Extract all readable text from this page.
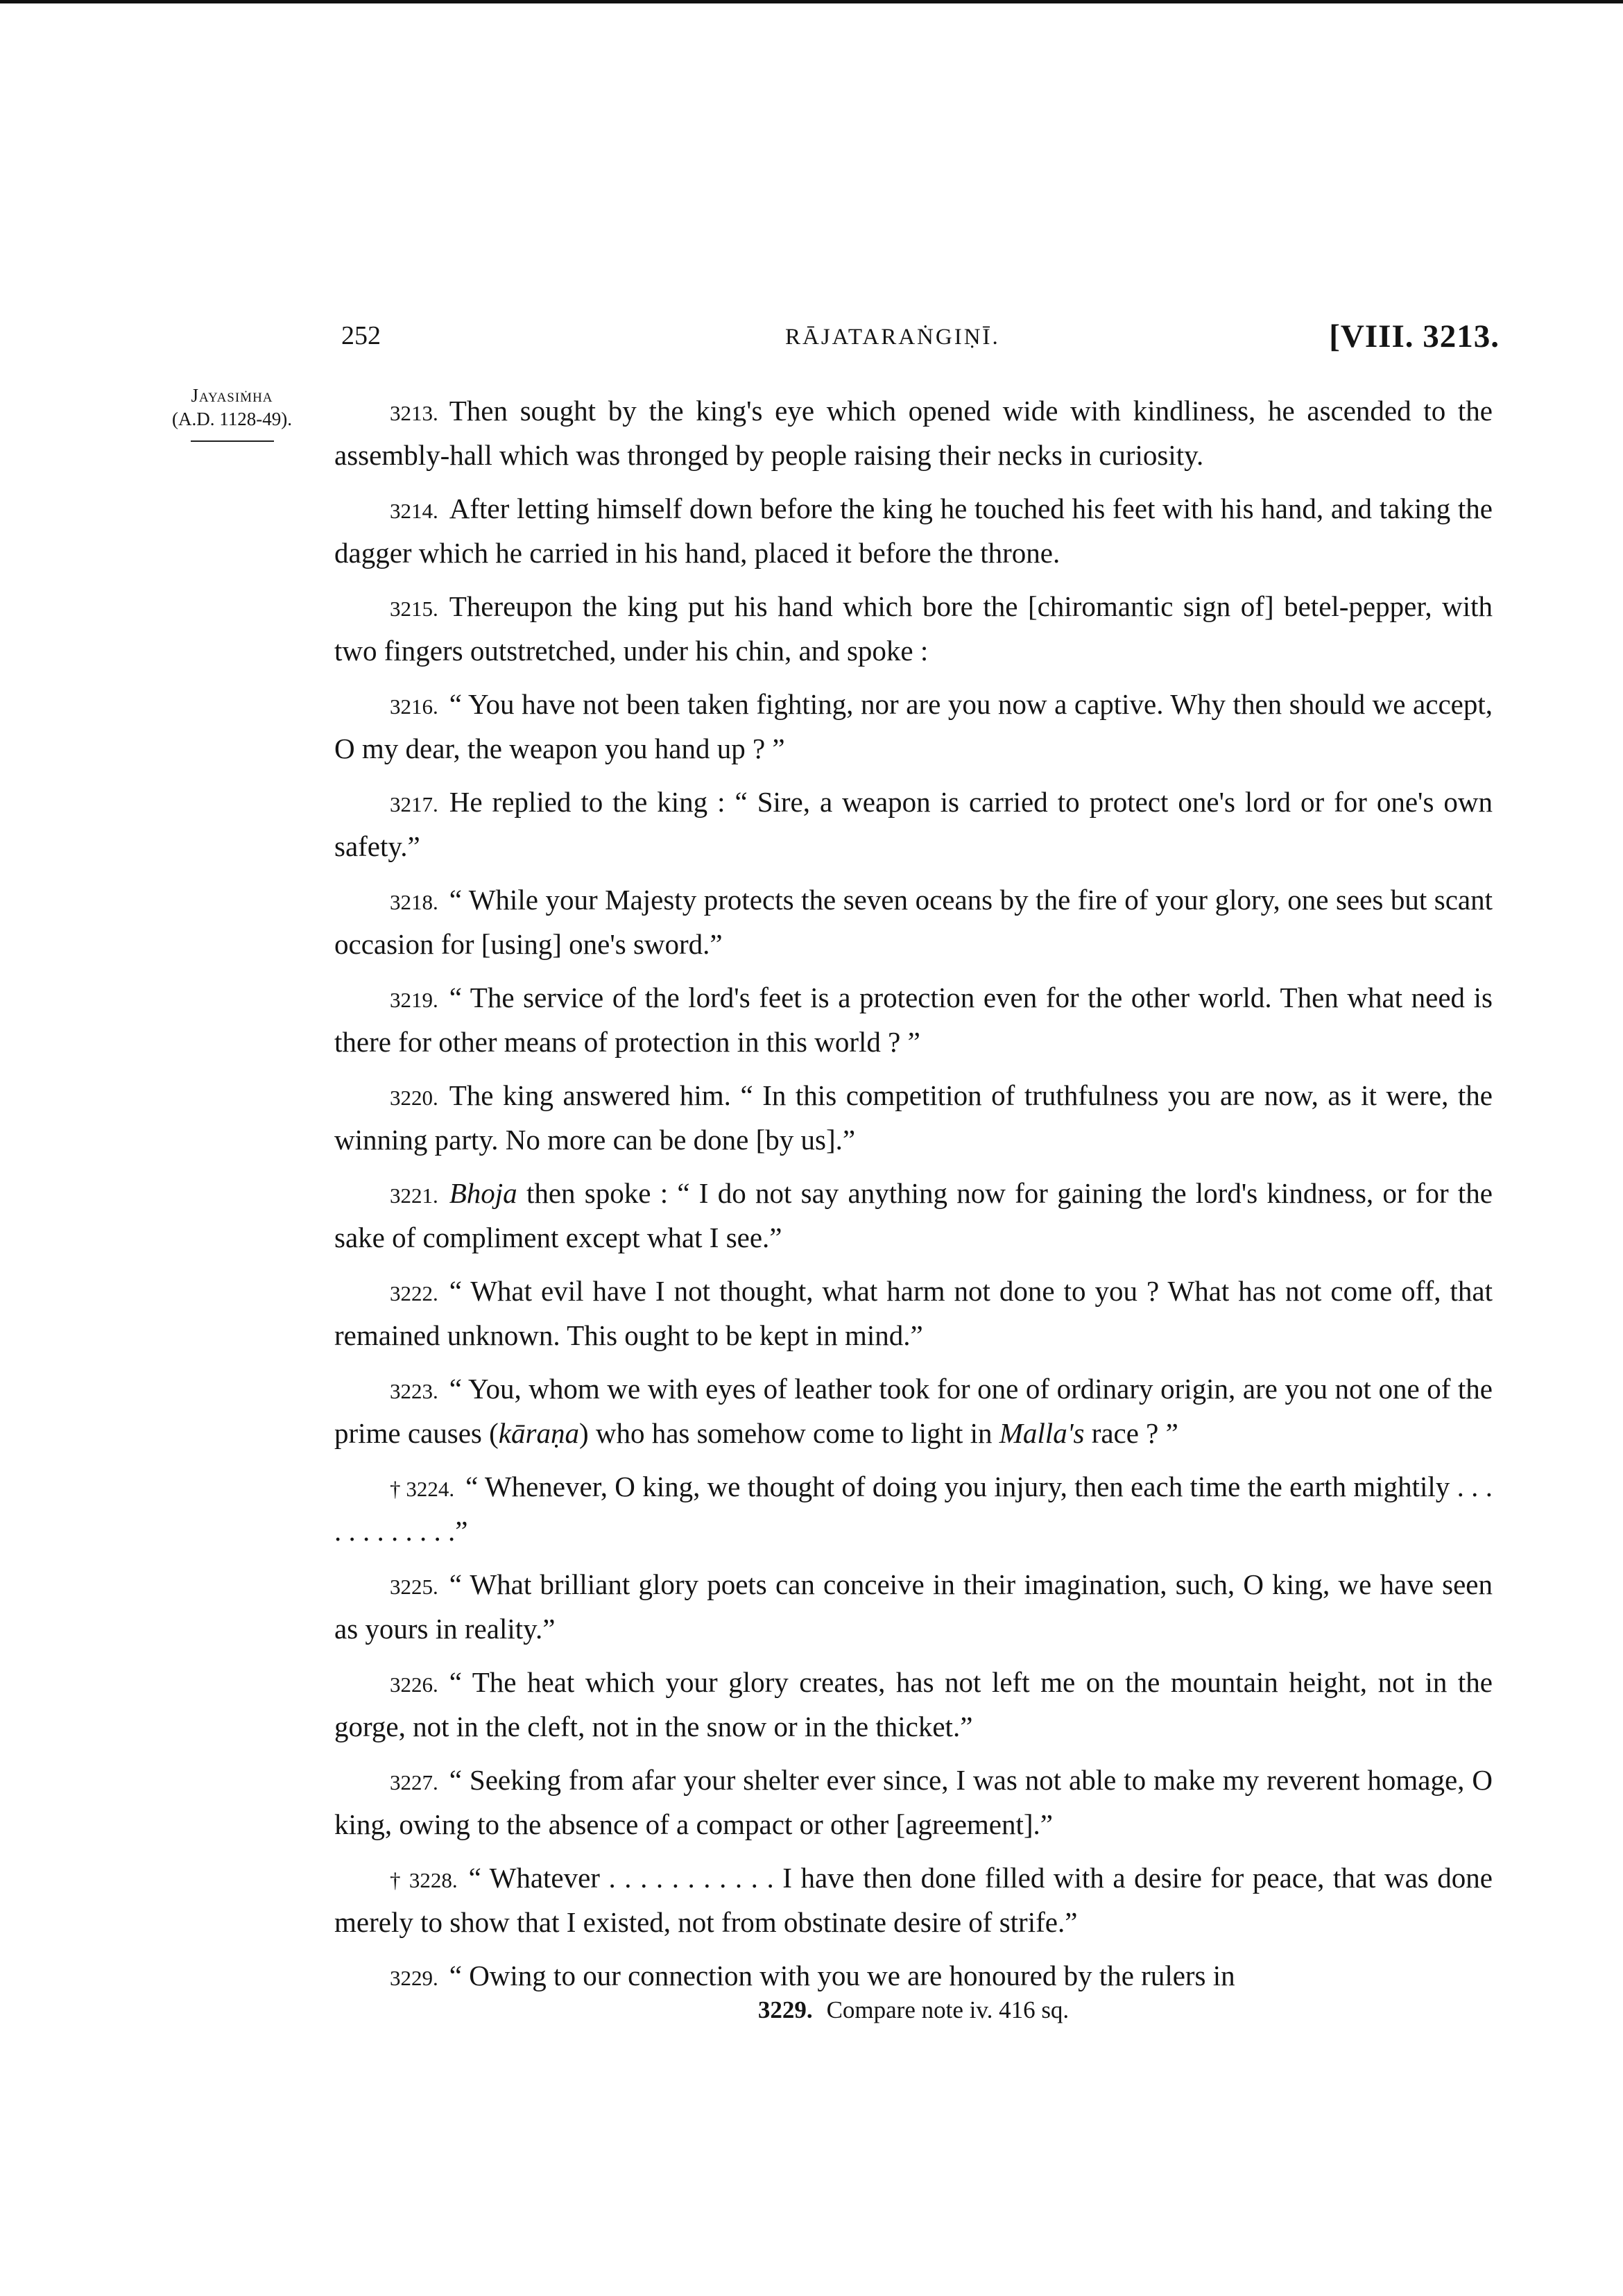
252	RĀJATARAṄGIṆĪ.	[VIII. 3213.
Jayasiṁha
(A.D. 1128-49).	3213. Then sought by the king's eye which opened wide with kindliness, he ascended to the assembly-hall which was thronged by people raising their necks in curiosity.

3214. After letting himself down before the king he touched his feet with his hand, and taking the dagger which he carried in his hand, placed it before the throne.

3215. Thereupon the king put his hand which bore the [chiromantic sign of] betel-pepper, with two fingers outstretched, under his chin, and spoke :

3216. “ You have not been taken fighting, nor are you now a captive. Why then should we accept, O my dear, the weapon you hand up ? ”

3217. He replied to the king : “ Sire, a weapon is carried to protect one's lord or for one's own safety.”

3218. “ While your Majesty protects the seven oceans by the fire of your glory, one sees but scant occasion for [using] one's sword.”

3219. “ The service of the lord's feet is a protection even for the other world. Then what need is there for other means of protection in this world ? ”

3220. The king answered him. “ In this competition of truthfulness you are now, as it were, the winning party. No more can be done [by us].”

3221. Bhoja then spoke : “ I do not say anything now for gaining the lord's kindness, or for the sake of compliment except what I see.”

3222. “ What evil have I not thought, what harm not done to you ? What has not come off, that remained unknown. This ought to be kept in mind.”

3223. “ You, whom we with eyes of leather took for one of ordinary origin, are you not one of the prime causes (kāraṇa) who has somehow come to light in Malla's race ? ”

† 3224. “ Whenever, O king, we thought of doing you injury, then each time the earth mightily . . . . . . . . . . . .”

3225. “ What brilliant glory poets can conceive in their imagination, such, O king, we have seen as yours in reality.”

3226. “ The heat which your glory creates, has not left me on the mountain height, not in the gorge, not in the cleft, not in the snow or in the thicket.”

3227. “ Seeking from afar your shelter ever since, I was not able to make my reverent homage, O king, owing to the absence of a compact or other [agreement].”

† 3228. “ Whatever . . . . . . . . . . . I have then done filled with a desire for peace, that was done merely to show that I existed, not from obstinate desire of strife.”

3229. “ Owing to our connection with you we are honoured by the rulers in

3229. Compare note iv. 416 sq.
